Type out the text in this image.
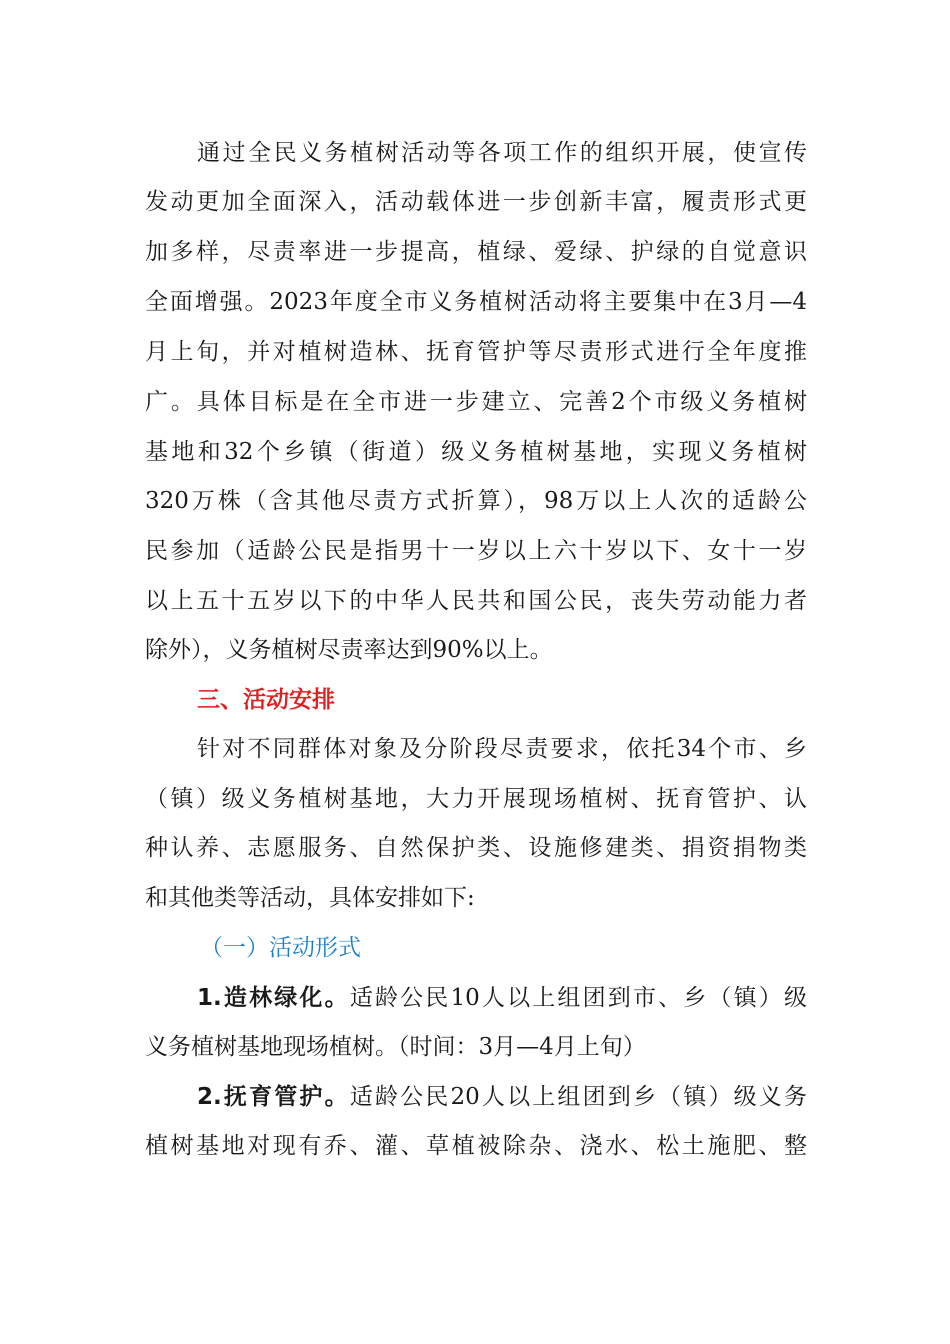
通过全民义务植树活动等各项工作的组织开展，使宣传
发动更加全面深入，活动载体进一步创新丰富，履责形式更
加多样，尽责率进一步提高，植绿、爱绿、护绿的自觉意识
全面增强。2023年度全市义务植树活动将主要集中在3月—4
月上旬，并对植树造林、抚育管护等尽责形式进行全年度推
广。具体目标是在全市进一步建立、完善2个市级义务植树
基地和32个乡镇（街道）级义务植树基地，实现义务植树
320万株（含其他尽责方式折算），98万以上人次的适龄公
民参加（适龄公民是指男十一岁以上六十岁以下、女十一岁
以上五十五岁以下的中华人民共和国公民，丧失劳动能力者
除外），义务植树尽责率达到90%以上。
三、活动安排
针对不同群体对象及分阶段尽责要求，依托34个市、乡
（镇）级义务植树基地，大力开展现场植树、抚育管护、认
种认养、志愿服务、自然保护类、设施修建类、捐资捐物类
和其他类等活动，具体安排如下:
（一）活动形式
1.造林绿化。适龄公民10人以上组团到市、乡（镇）级
义务植树基地现场植树。（时间：3月—4月上旬）
2.抚育管护。适龄公民20人以上组团到乡（镇）级义务
植树基地对现有乔、灌、草植被除杂、浇水、松土施肥、整
